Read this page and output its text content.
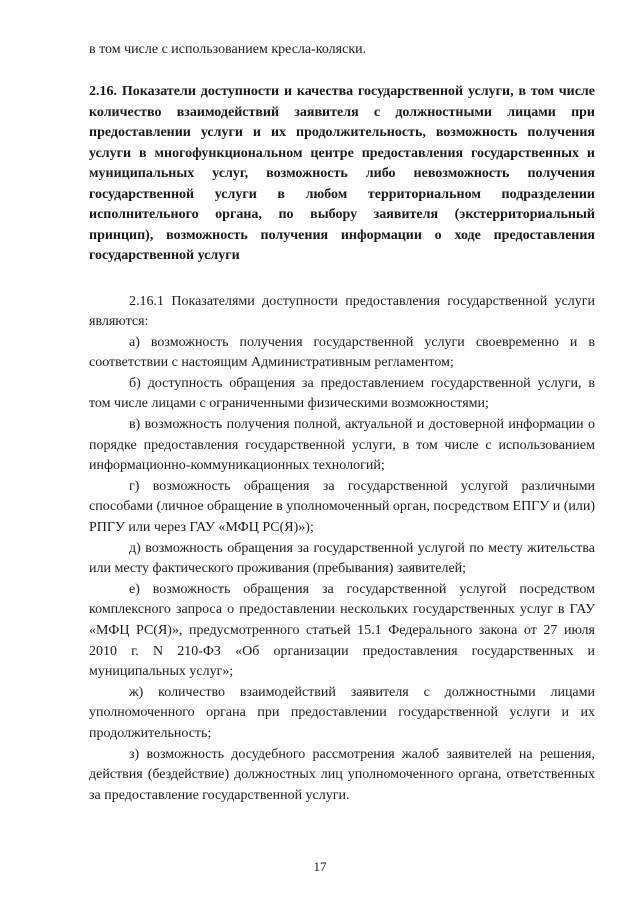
в том числе с использованием кресла-коляски.

2.16. Показатели доступности и качества государственной услуги, в том числе количество взаимодействий заявителя с должностными лицами при предоставлении услуги и их продолжительность, возможность получения услуги в многофункциональном центре предоставления государственных и муниципальных услуг, возможность либо невозможность получения государственной услуги в любом территориальном подразделении исполнительного органа, по выбору заявителя (экстерриториальный принцип), возможность получения информации о ходе предоставления государственной услуги

2.16.1 Показателями доступности предоставления государственной услуги являются:

а) возможность получения государственной услуги своевременно и в соответствии с настоящим Административным регламентом;

б) доступность обращения за предоставлением государственной услуги, в том числе лицами с ограниченными физическими возможностями;

в) возможность получения полной, актуальной и достоверной информации о порядке предоставления государственной услуги, в том числе с использованием информационно-коммуникационных технологий;

г) возможность обращения за государственной услугой различными способами (личное обращение в уполномоченный орган, посредством ЕПГУ и (или) РПГУ или через ГАУ «МФЦ РС(Я)»);

д) возможность обращения за государственной услугой по месту жительства или месту фактического проживания (пребывания) заявителей;

е) возможность обращения за государственной услугой посредством комплексного запроса о предоставлении нескольких государственных услуг в ГАУ «МФЦ РС(Я)», предусмотренного статьей 15.1 Федерального закона от 27 июля 2010 г. N 210-ФЗ «Об организации предоставления государственных и муниципальных услуг»;

ж) количество взаимодействий заявителя с должностными лицами уполномоченного органа при предоставлении государственной услуги и их продолжительность;

з) возможность досудебного рассмотрения жалоб заявителей на решения, действия (бездействие) должностных лиц уполномоченного органа, ответственных за предоставление государственной услуги.

17
